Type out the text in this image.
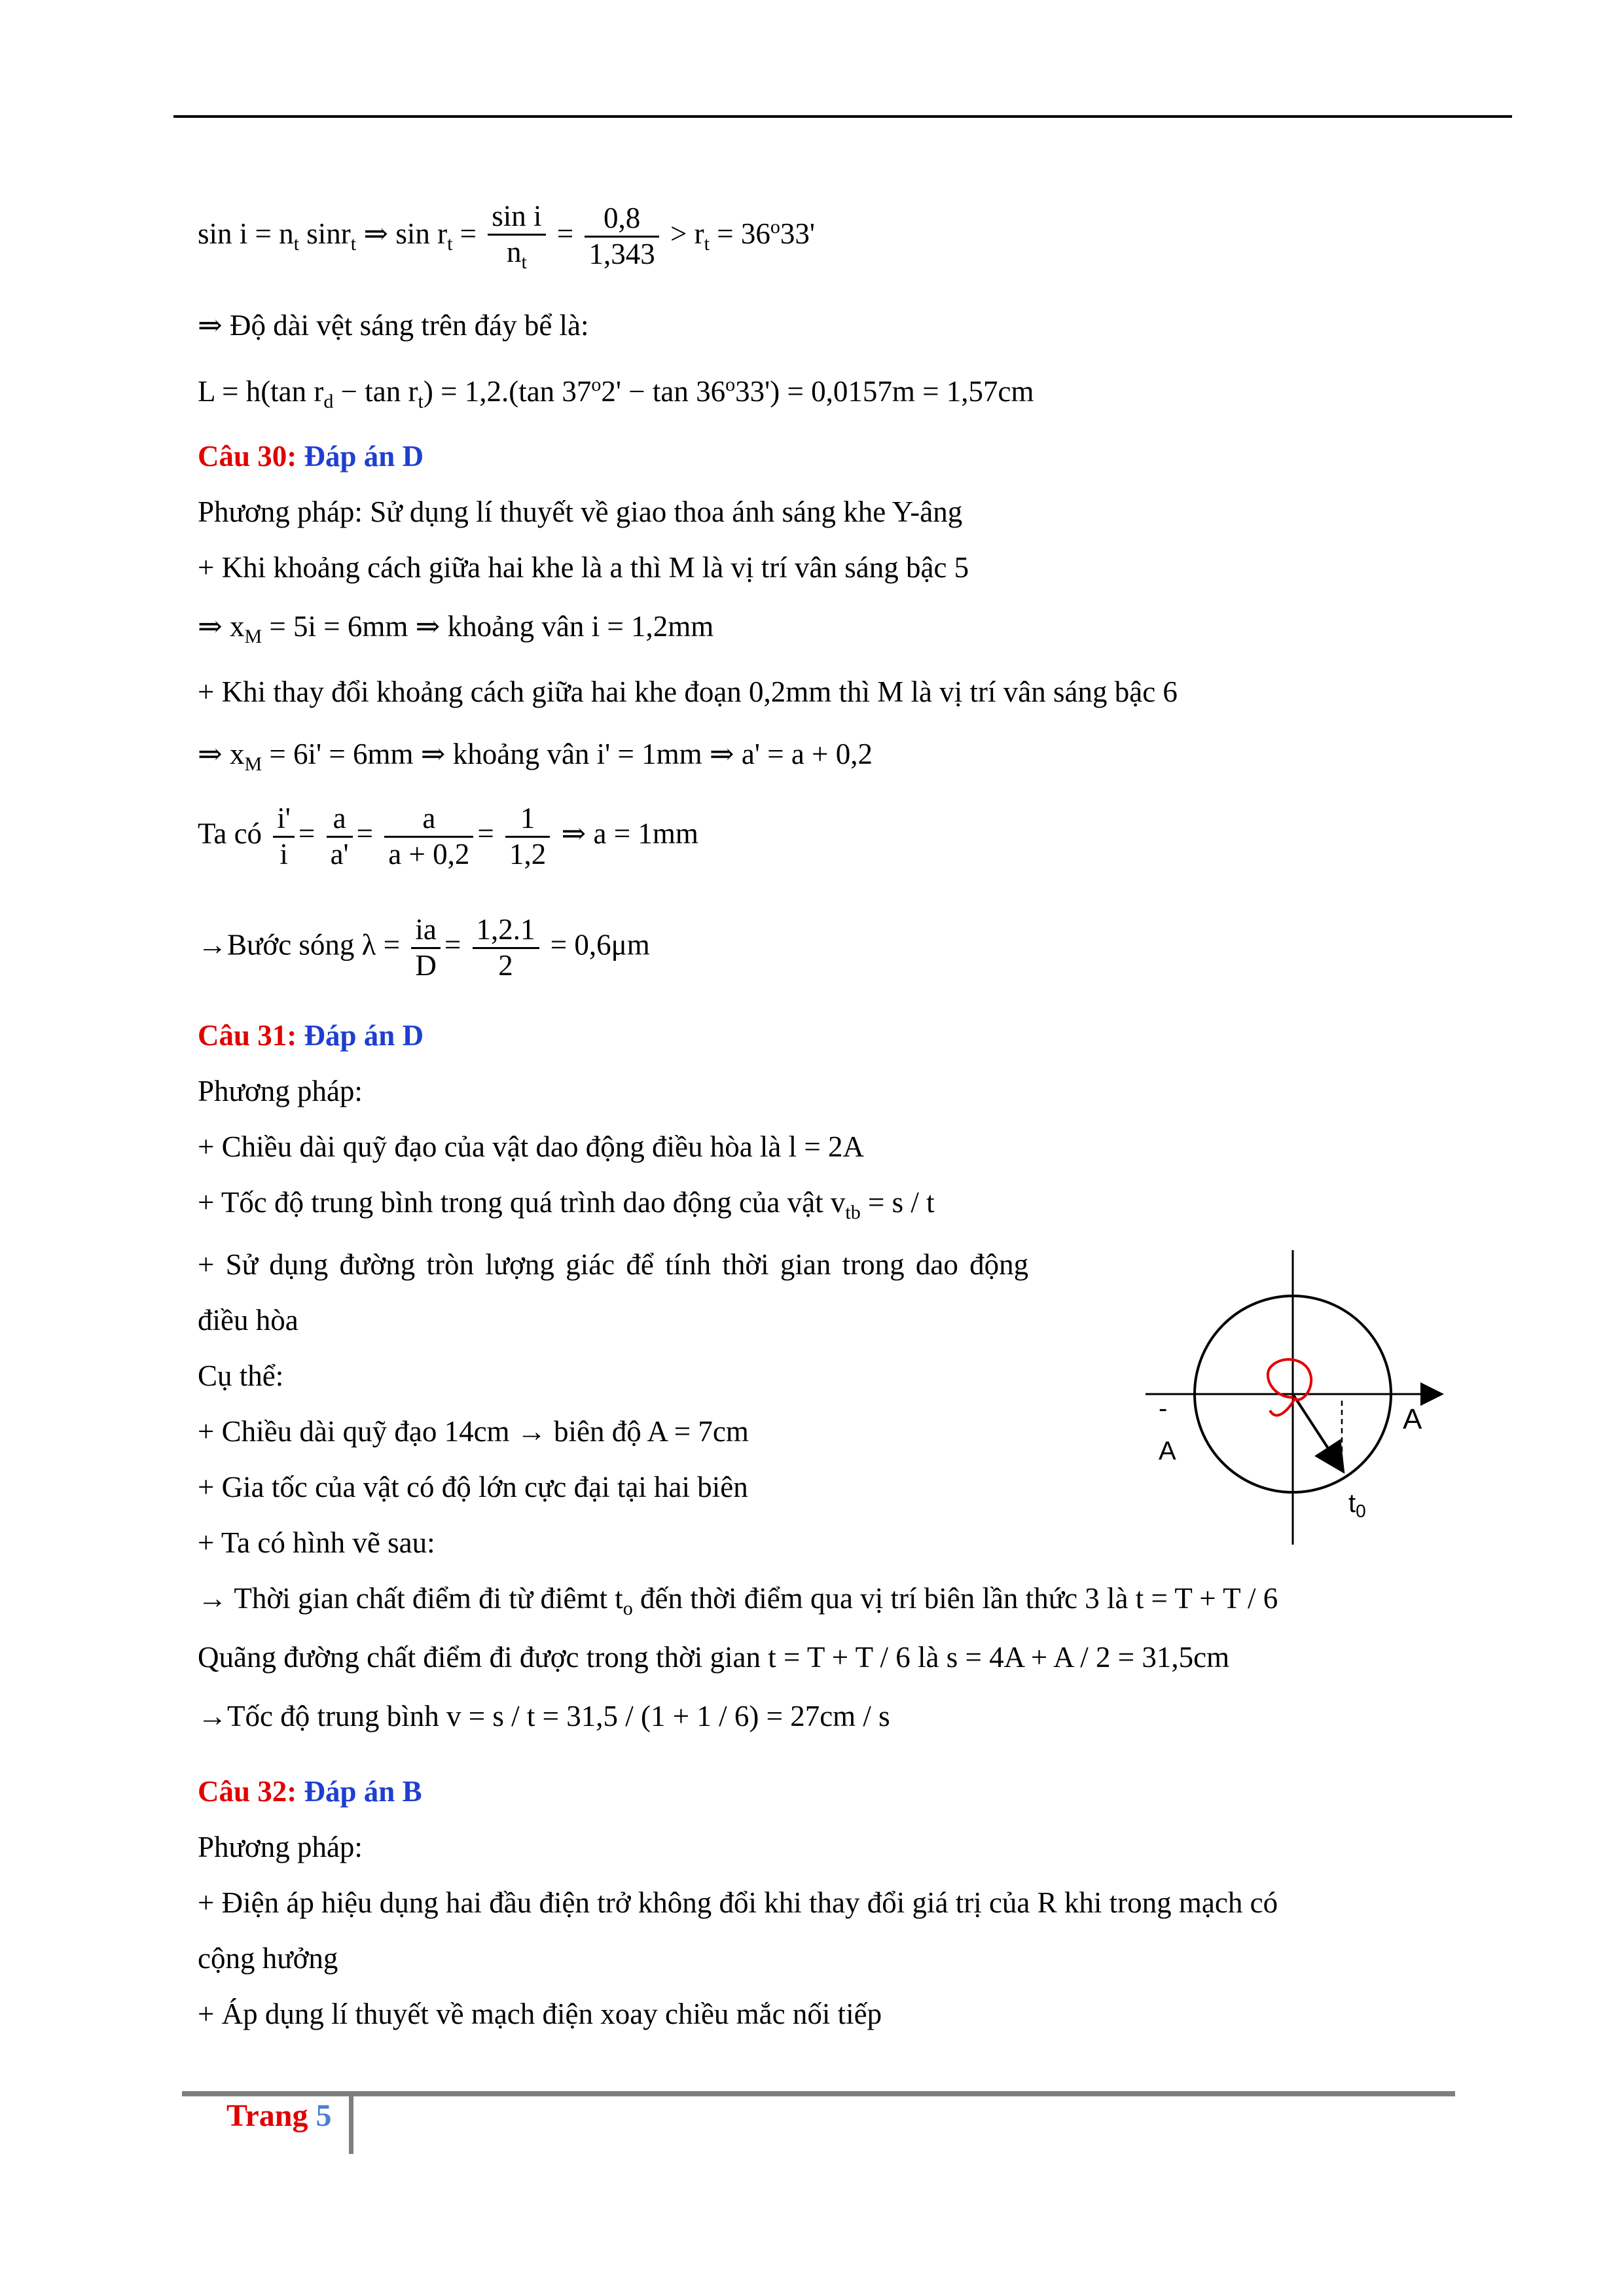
$\sin i = n_t$ sinr$_t$ ⇒ $\sin r_t = \frac{\text{sin i}}{n_t} = \frac{0,8}{1,343} > r_t = 36^o33'$
⇒ Độ dài vệt sáng trên đáy bể là:
L = h(tan $r_d - \tan r_t) = 1,2.(\tan$ $37^o2' - \tan 36^o33') = 0,0157m = 1,57cm$
Câu 30: Đáp án D
Phương pháp: Sử dụng lí thuyết về giao thoa ánh sáng khe Y-âng
+ Khi khoảng cách giữa hai khe là a thì M là vị trí vân sáng bậc 5
⇒ $x_M = 5i = 6mm$ ⇒ khoảng vân i = 1,2mm
+ Khi thay đổi khoảng cách giữa hai khe đoạn 0,2mm thì M là vị trí vân sáng bậc 6
⇒ $x_M = 6i' = 6mm$ ⇒ khoảng vân i' = 1mm ⇒ a' = a + 0,2
Ta có $\frac{i'}{i} = \frac{a}{a'} = \frac{a}{a + 0,2} = \frac{1}{1,2}$ ⇒ a = 1mm
→Bước sóng $\lambda = \frac{ia}{D} = \frac{1,2.1}{2} = 0,6\mu m$
Câu 31: Đáp án D
Phương pháp:
+ Chiều dài quỹ đạo của vật dao động điều hòa là l = 2A
+ Tốc độ trung bình trong quá trình dao động của vật $v_{tb} = s / t$
+ Sử dụng đường tròn lượng giác để tính thời gian trong dao động
điều hòa
Cụ thể:
+ Chiều dài quỹ đạo 14cm → biên độ A = 7cm
+ Gia tốc của vật có độ lớn cực đại tại hai biên
+ Ta có hình vẽ sau:
→ Thời gian chất điểm đi từ điêmt $t_o$ đến thời điểm qua vị trí biên lần thức 3 là t = T + T / 6
Quãng đường chất điểm đi được trong thời gian t = T + T / 6 là s = 4A + A / 2 = 31,5cm
→Tốc độ trung bình v = s / t = 31,5 / (1 + 1 / 6) = 27cm / s
-
A
A
$t_0$
Câu 32: Đáp án B
Phương pháp:
+ Điện áp hiệu dụng hai đầu điện trở không đổi khi thay đổi giá trị của R khi trong mạch có
cộng hưởng
+ Áp dụng lí thuyết về mạch điện xoay chiều mắc nối tiếp
Trang 5
